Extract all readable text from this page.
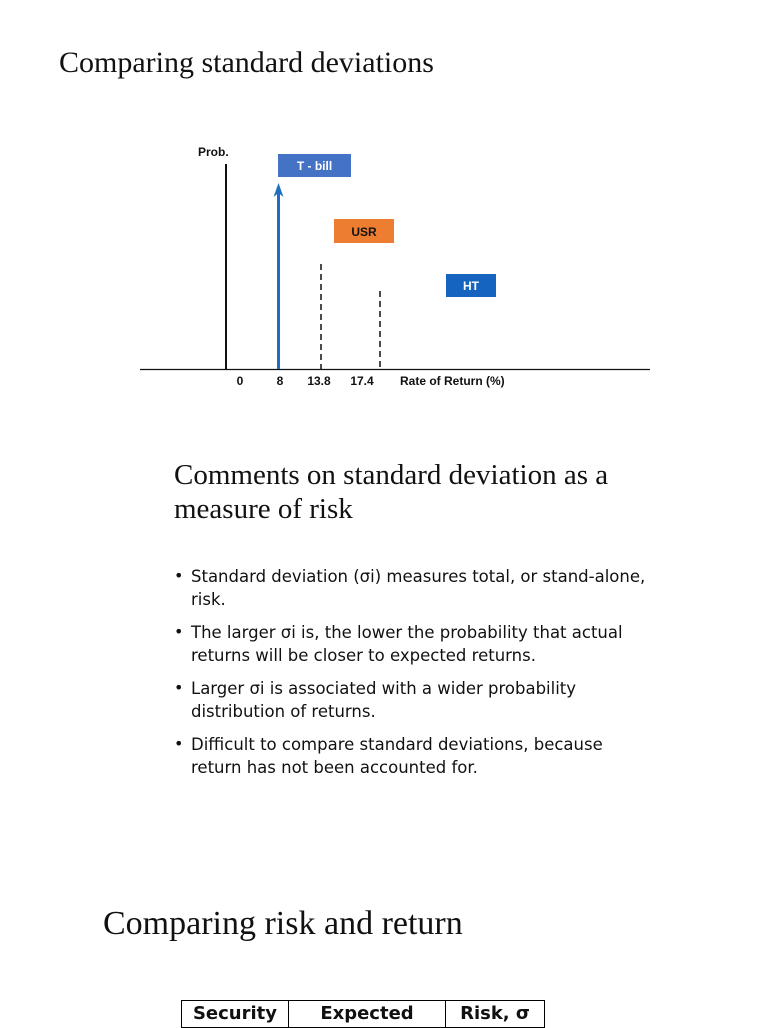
Comparing standard deviations
Prob.
T - bill
USR
HT
0	8 13.8 17.4 Rate of Return (%)
Comments on standard deviation as a measure of risk
• Standard deviation (σi) measures total, or stand-alone, risk.
• The larger σi is, the lower the probability that actual returns will be closer to expected returns.
• Larger σi is associated with a wider probability distribution of returns.
• Difficult to compare standard deviations, because return has not been accounted for.
Comparing risk and return
Security	Expected	Risk, σ
